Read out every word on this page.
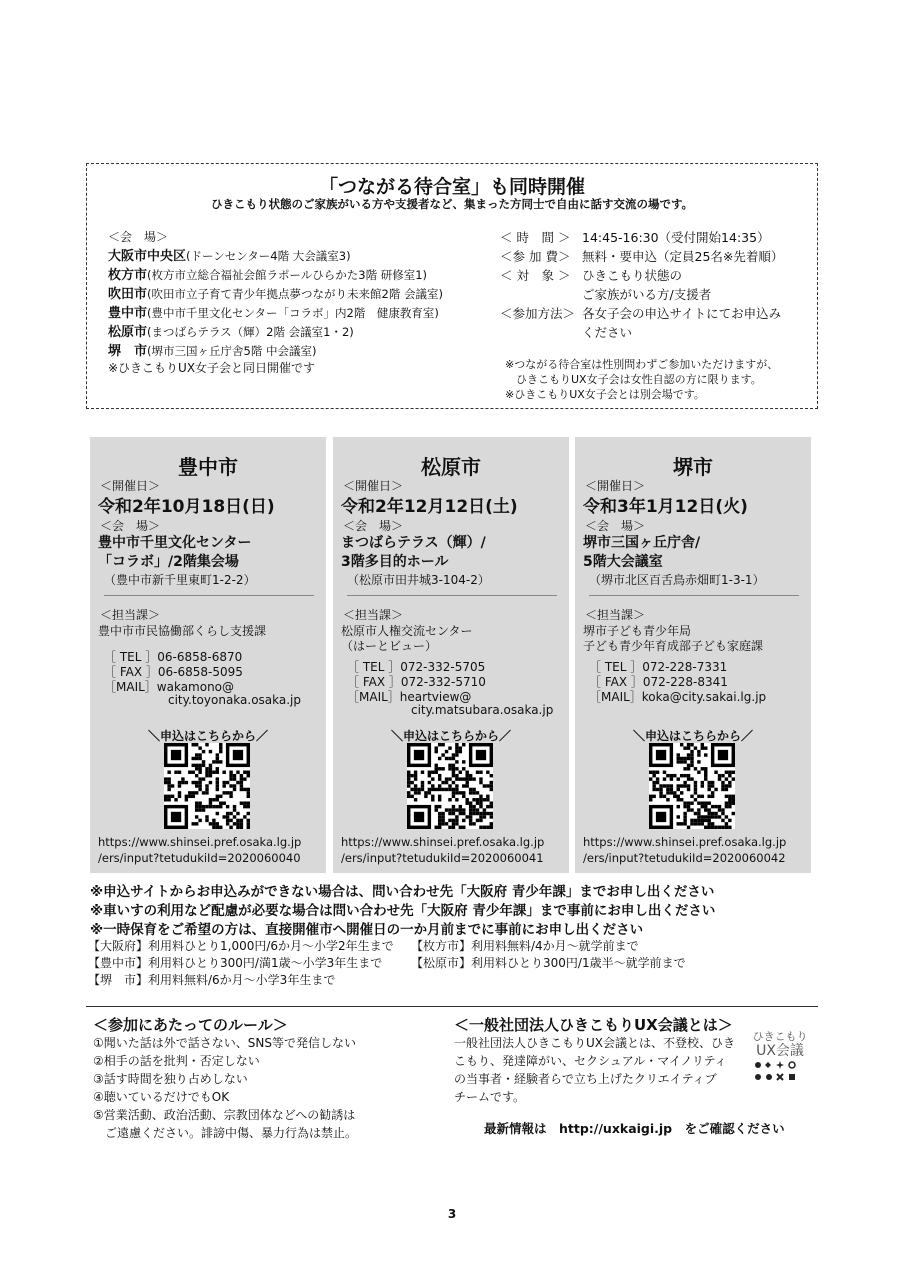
「つながる待合室」も同時開催
ひきこもり状態のご家族がいる方や支援者など、集まった方同士で自由に話す交流の場です。
＜会　場＞
大阪市中央区(ドーンセンター4階 大会議室3)
枚方市(枚方市立総合福祉会館ラポールひらかた3階 研修室1)
吹田市(吹田市立子育て青少年拠点夢つながり未来館2階 会議室)
豊中市(豊中市千里文化センター「コラボ」内2階　健康教育室)
松原市(まつばらテラス（輝）2階 会議室1・2)
堺　市(堺市三国ヶ丘庁舎5階 中会議室)
※ひきこもりUX女子会と同日開催です
＜ 時　間 ＞ 14:45-16:30（受付開始14:35）
＜参 加 費＞ 無料・要申込（定員25名※先着順）
＜ 対　象 ＞ ひきこもり状態の
ご家族がいる方/支援者
＜参加方法＞ 各女子会の申込サイトにてお申込み
ください
※つながる待合室は性別問わずご参加いただけますが、
　ひきこもりUX女子会は女性自認の方に限ります。
※ひきこもりUX女子会とは別会場です。
豊中市
＜開催日＞
令和2年10月18日(日)
＜会　場＞
豊中市千里文化センター
「コラボ」/2階集会場
（豊中市新千里東町1-2-2）
＜担当課＞
豊中市市民協働部くらし支援課
［ TEL ］06-6858-6870
［ FAX ］06-6858-5095
［MAIL］wakamono@
city.toyonaka.osaka.jp
＼申込はこちらから／
https://www.shinsei.pref.osaka.lg.jp
/ers/input?tetudukiId=2020060040
松原市
＜開催日＞
令和2年12月12日(土)
＜会　場＞
まつばらテラス（輝）/
3階多目的ホール
（松原市田井城3-104-2）
＜担当課＞
松原市人権交流センター
（はーとビュー）
［ TEL ］072-332-5705
［ FAX ］072-332-5710
［MAIL］heartview@
city.matsubara.osaka.jp
＼申込はこちらから／
https://www.shinsei.pref.osaka.lg.jp
/ers/input?tetudukiId=2020060041
堺市
＜開催日＞
令和3年1月12日(火)
＜会　場＞
堺市三国ヶ丘庁舎/
5階大会議室
（堺市北区百舌鳥赤畑町1-3-1）
＜担当課＞
堺市子ども青少年局
子ども青少年育成部子ども家庭課
［ TEL ］072-228-7331
［ FAX ］072-228-8341
［MAIL］koka@city.sakai.lg.jp
＼申込はこちらから／
https://www.shinsei.pref.osaka.lg.jp
/ers/input?tetudukiId=2020060042
※申込サイトからお申込みができない場合は、問い合わせ先「大阪府 青少年課」までお申し出ください
※車いすの利用など配慮が必要な場合は問い合わせ先「大阪府 青少年課」まで事前にお申し出ください
※一時保育をご希望の方は、直接開催市へ開催日の一か月前までに事前にお申し出ください
【大阪府】利用料ひとり1,000円/6か月～小学2年生まで
【豊中市】利用料ひとり300円/満1歳～小学3年生まで
【堺　市】利用料無料/6か月～小学3年生まで
【枚方市】利用料無料/4か月～就学前まで
【松原市】利用料ひとり300円/1歳半～就学前まで
＜参加にあたってのルール＞
①聞いた話は外で話さない、SNS等で発信しない
②相手の話を批判・否定しない
③話す時間を独り占めしない
④聴いているだけでもOK
⑤営業活動、政治活動、宗教団体などへの勧誘は
　ご遠慮ください。誹謗中傷、暴力行為は禁止。
＜一般社団法人ひきこもりUX会議とは＞
一般社団法人ひきこもりUX会議とは、不登校、ひき
こもり、発達障がい、セクシュアル・マイノリティ
の当事者・経験者らで立ち上げたクリエイティブ
チームです。
最新情報は　http://uxkaigi.jp　をご確認ください
ひきこもり
UX会議
3
